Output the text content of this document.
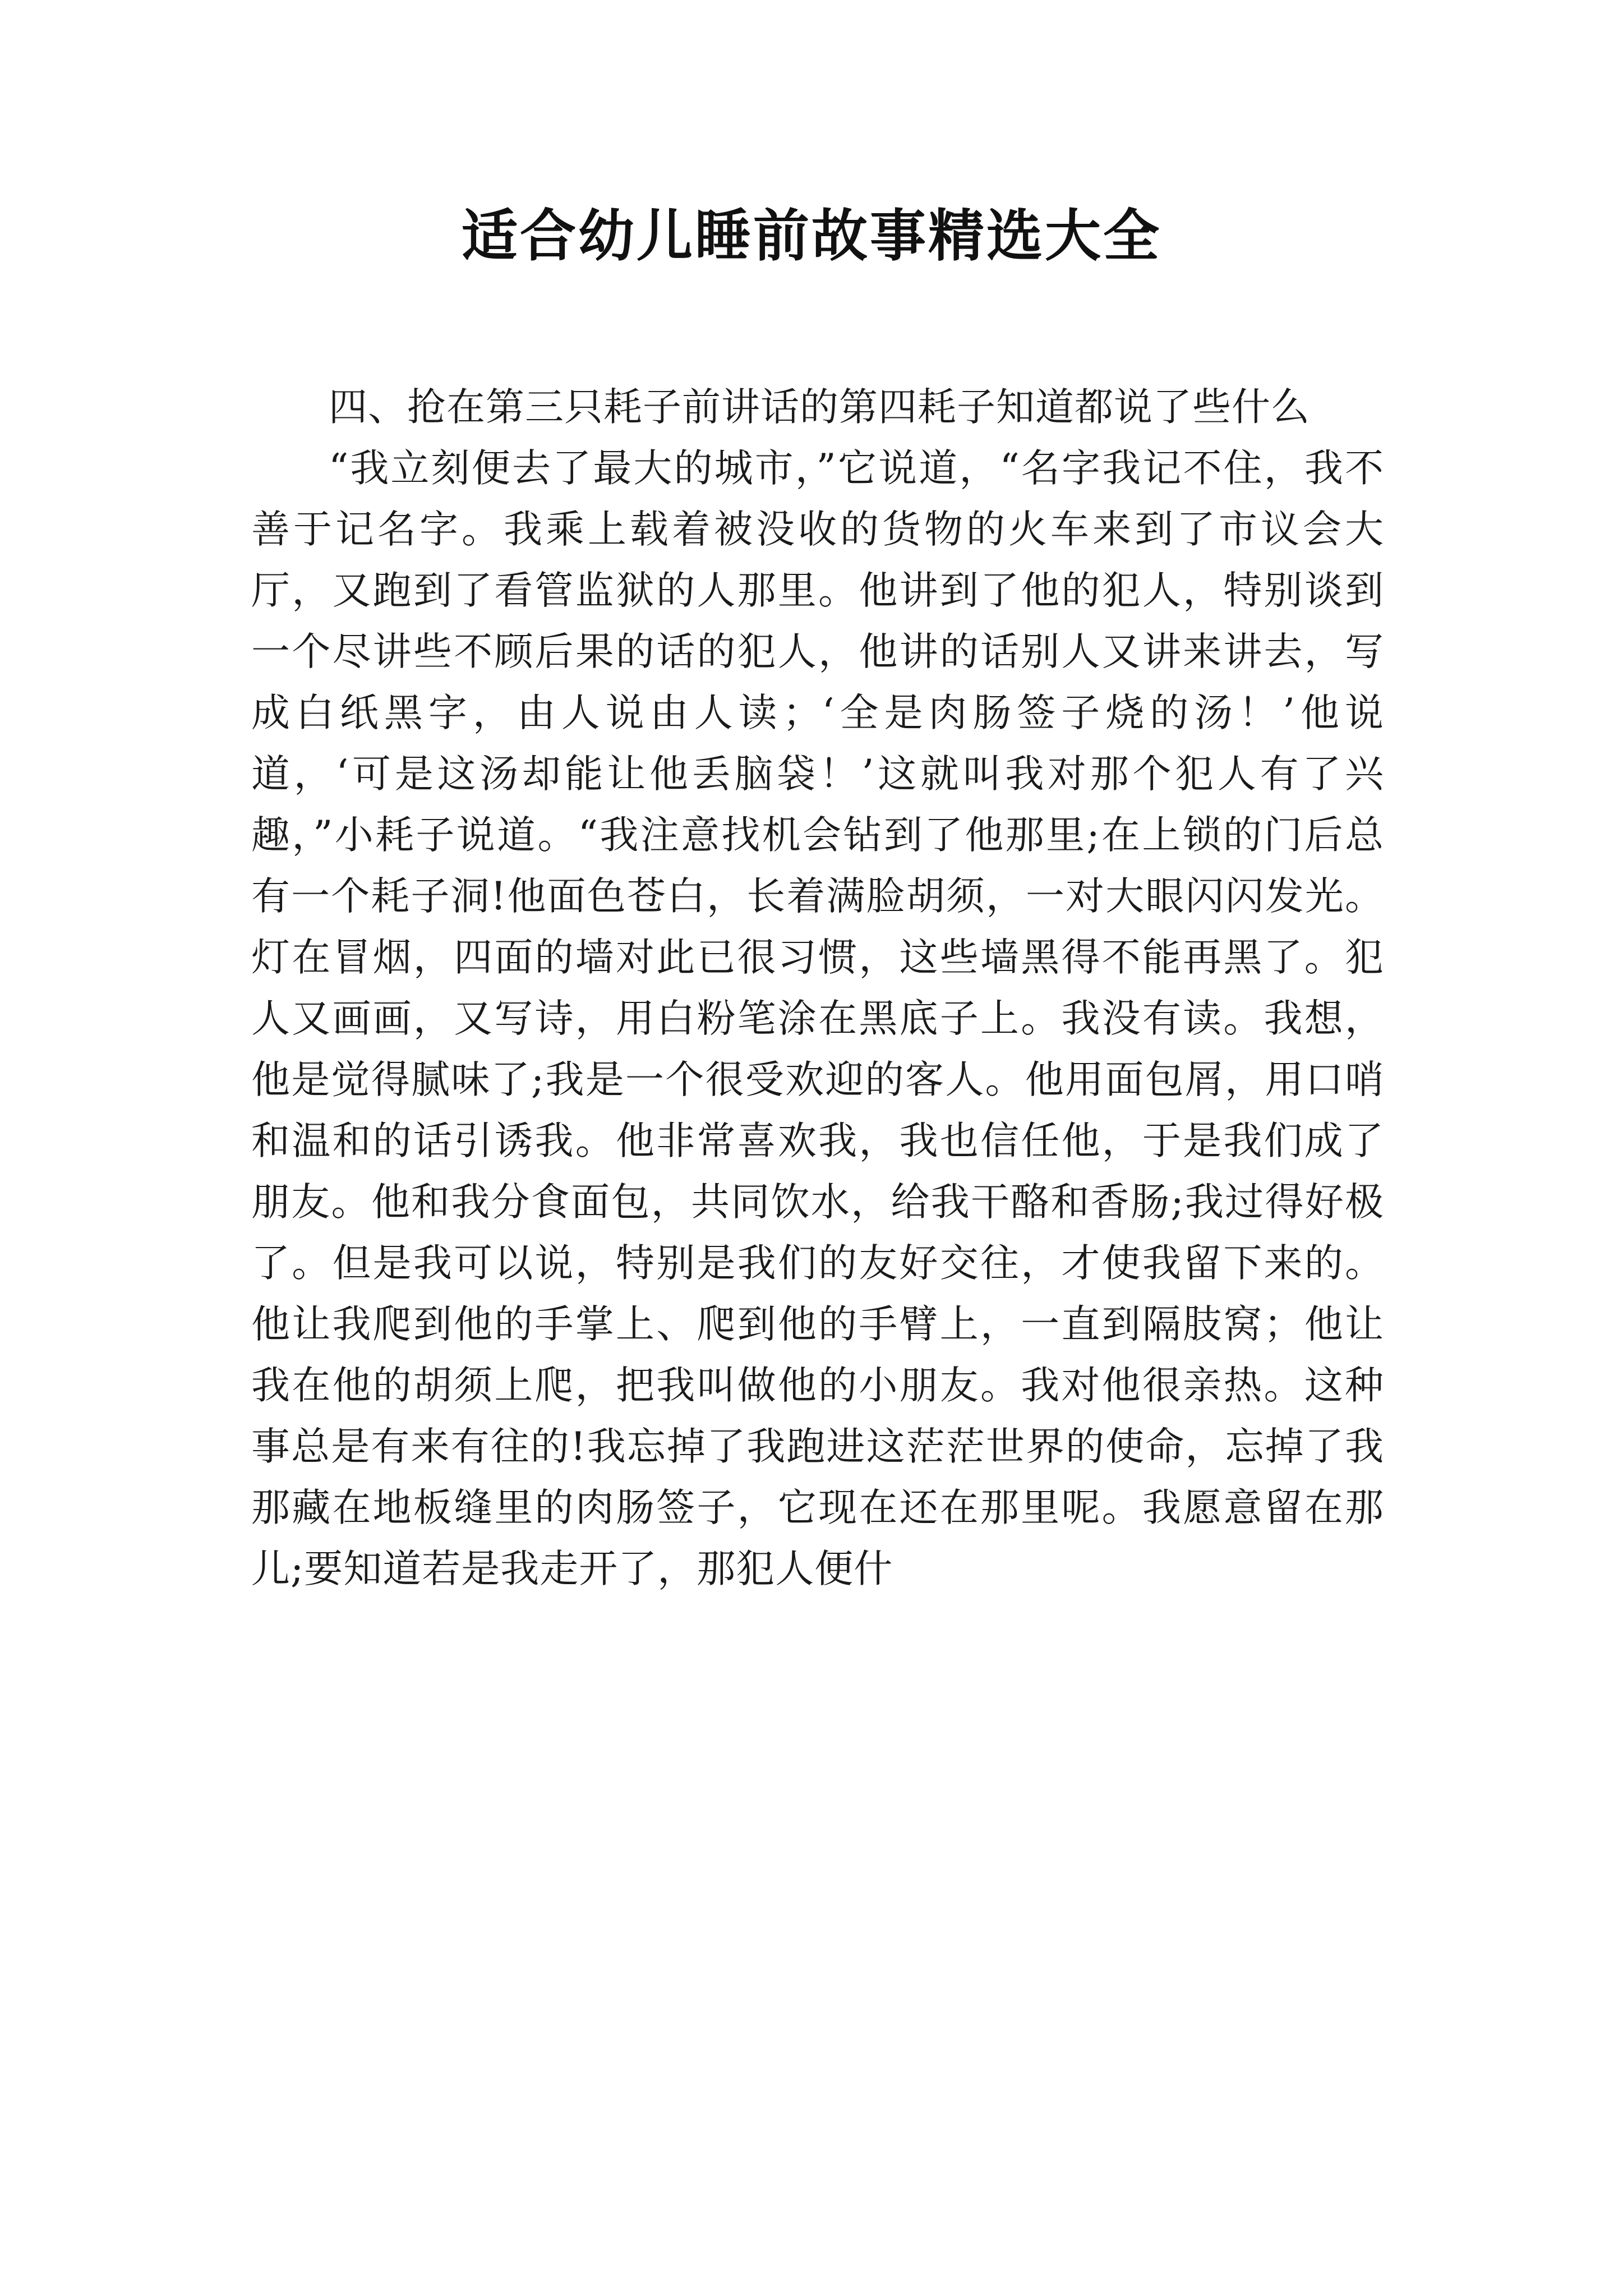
适合幼儿睡前故事精选大全

四、抢在第三只耗子前讲话的第四耗子知道都说了些什么

“我立刻便去了最大的城市，”它说道，“名字我记不住，我不善于记名字。我乘上载着被没收的货物的火车来到了市议会大厅，又跑到了看管监狱的人那里。他讲到了他的犯人，特别谈到一个尽讲些不顾后果的话的犯人，他讲的话别人又讲来讲去，写成白纸黑字，由人说由人读；‘全是肉肠签子烧的汤！’他说道，‘可是这汤却能让他丢脑袋！’这就叫我对那个犯人有了兴趣，”小耗子说道。“我注意找机会钻到了他那里;在上锁的门后总有一个耗子洞!他面色苍白，长着满脸胡须，一对大眼闪闪发光。灯在冒烟，四面的墙对此已很习惯，这些墙黑得不能再黑了。犯人又画画，又写诗，用白粉笔涂在黑底子上。我没有读。我想，他是觉得腻味了;我是一个很受欢迎的客人。他用面包屑，用口哨和温和的话引诱我。他非常喜欢我，我也信任他，于是我们成了朋友。他和我分食面包，共同饮水，给我干酪和香肠;我过得好极了。但是我可以说，特别是我们的友好交往，才使我留下来的。他让我爬到他的手掌上、爬到他的手臂上，一直到隔肢窝；他让我在他的胡须上爬，把我叫做他的小朋友。我对他很亲热。这种事总是有来有往的!我忘掉了我跑进这茫茫世界的使命，忘掉了我那藏在地板缝里的肉肠签子，它现在还在那里呢。我愿意留在那儿;要知道若是我走开了，那犯人便什
